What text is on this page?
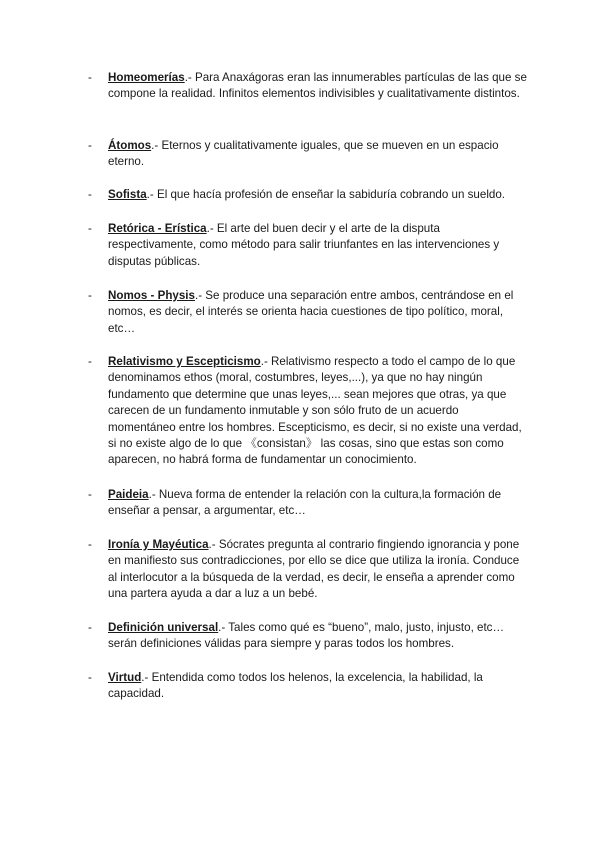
-	Homeomerías.- Para Anaxágoras eran las innumerables partículas de las que se compone la realidad. Infinitos elementos indivisibles y cualitativamente distintos.
-	Átomos.- Eternos y cualitativamente iguales, que se mueven en un espacio eterno.
-	Sofista.- El que hacía profesión de enseñar la sabiduría cobrando un sueldo.
-	Retórica - Erística.- El arte del buen decir y el arte de la disputa respectivamente, como método para salir triunfantes en las intervenciones y disputas públicas.
-	Nomos - Physis.- Se produce una separación entre ambos, centrándose en el nomos, es decir, el interés se orienta hacia cuestiones de tipo político, moral, etc…
-	Relativismo y Escepticismo.- Relativismo respecto a todo el campo de lo que denominamos ethos (moral, costumbres, leyes,...), ya que no hay ningún fundamento que determine que unas leyes,... sean mejores que otras, ya que carecen de un fundamento inmutable y son sólo fruto de un acuerdo momentáneo entre los hombres. Escepticismo, es decir, si no existe una verdad, si no existe algo de lo que 《consistan》 las cosas, sino que estas son como aparecen, no habrá forma de fundamentar un conocimiento.
-	Paideia.- Nueva forma de entender la relación con la cultura,la formación de enseñar a pensar, a argumentar, etc…
-	Ironía y Mayéutica.- Sócrates pregunta al contrario fingiendo ignorancia y pone en manifiesto sus contradicciones, por ello se dice que utiliza la ironía. Conduce al interlocutor a la búsqueda de la verdad, es decir, le enseña a aprender como una partera ayuda a dar a luz a un bebé.
-	Definición universal.- Tales como qué es “bueno”, malo, justo, injusto, etc… serán definiciones válidas para siempre y paras todos los hombres.
-	Virtud.- Entendida como todos los helenos, la excelencia, la habilidad, la capacidad.
